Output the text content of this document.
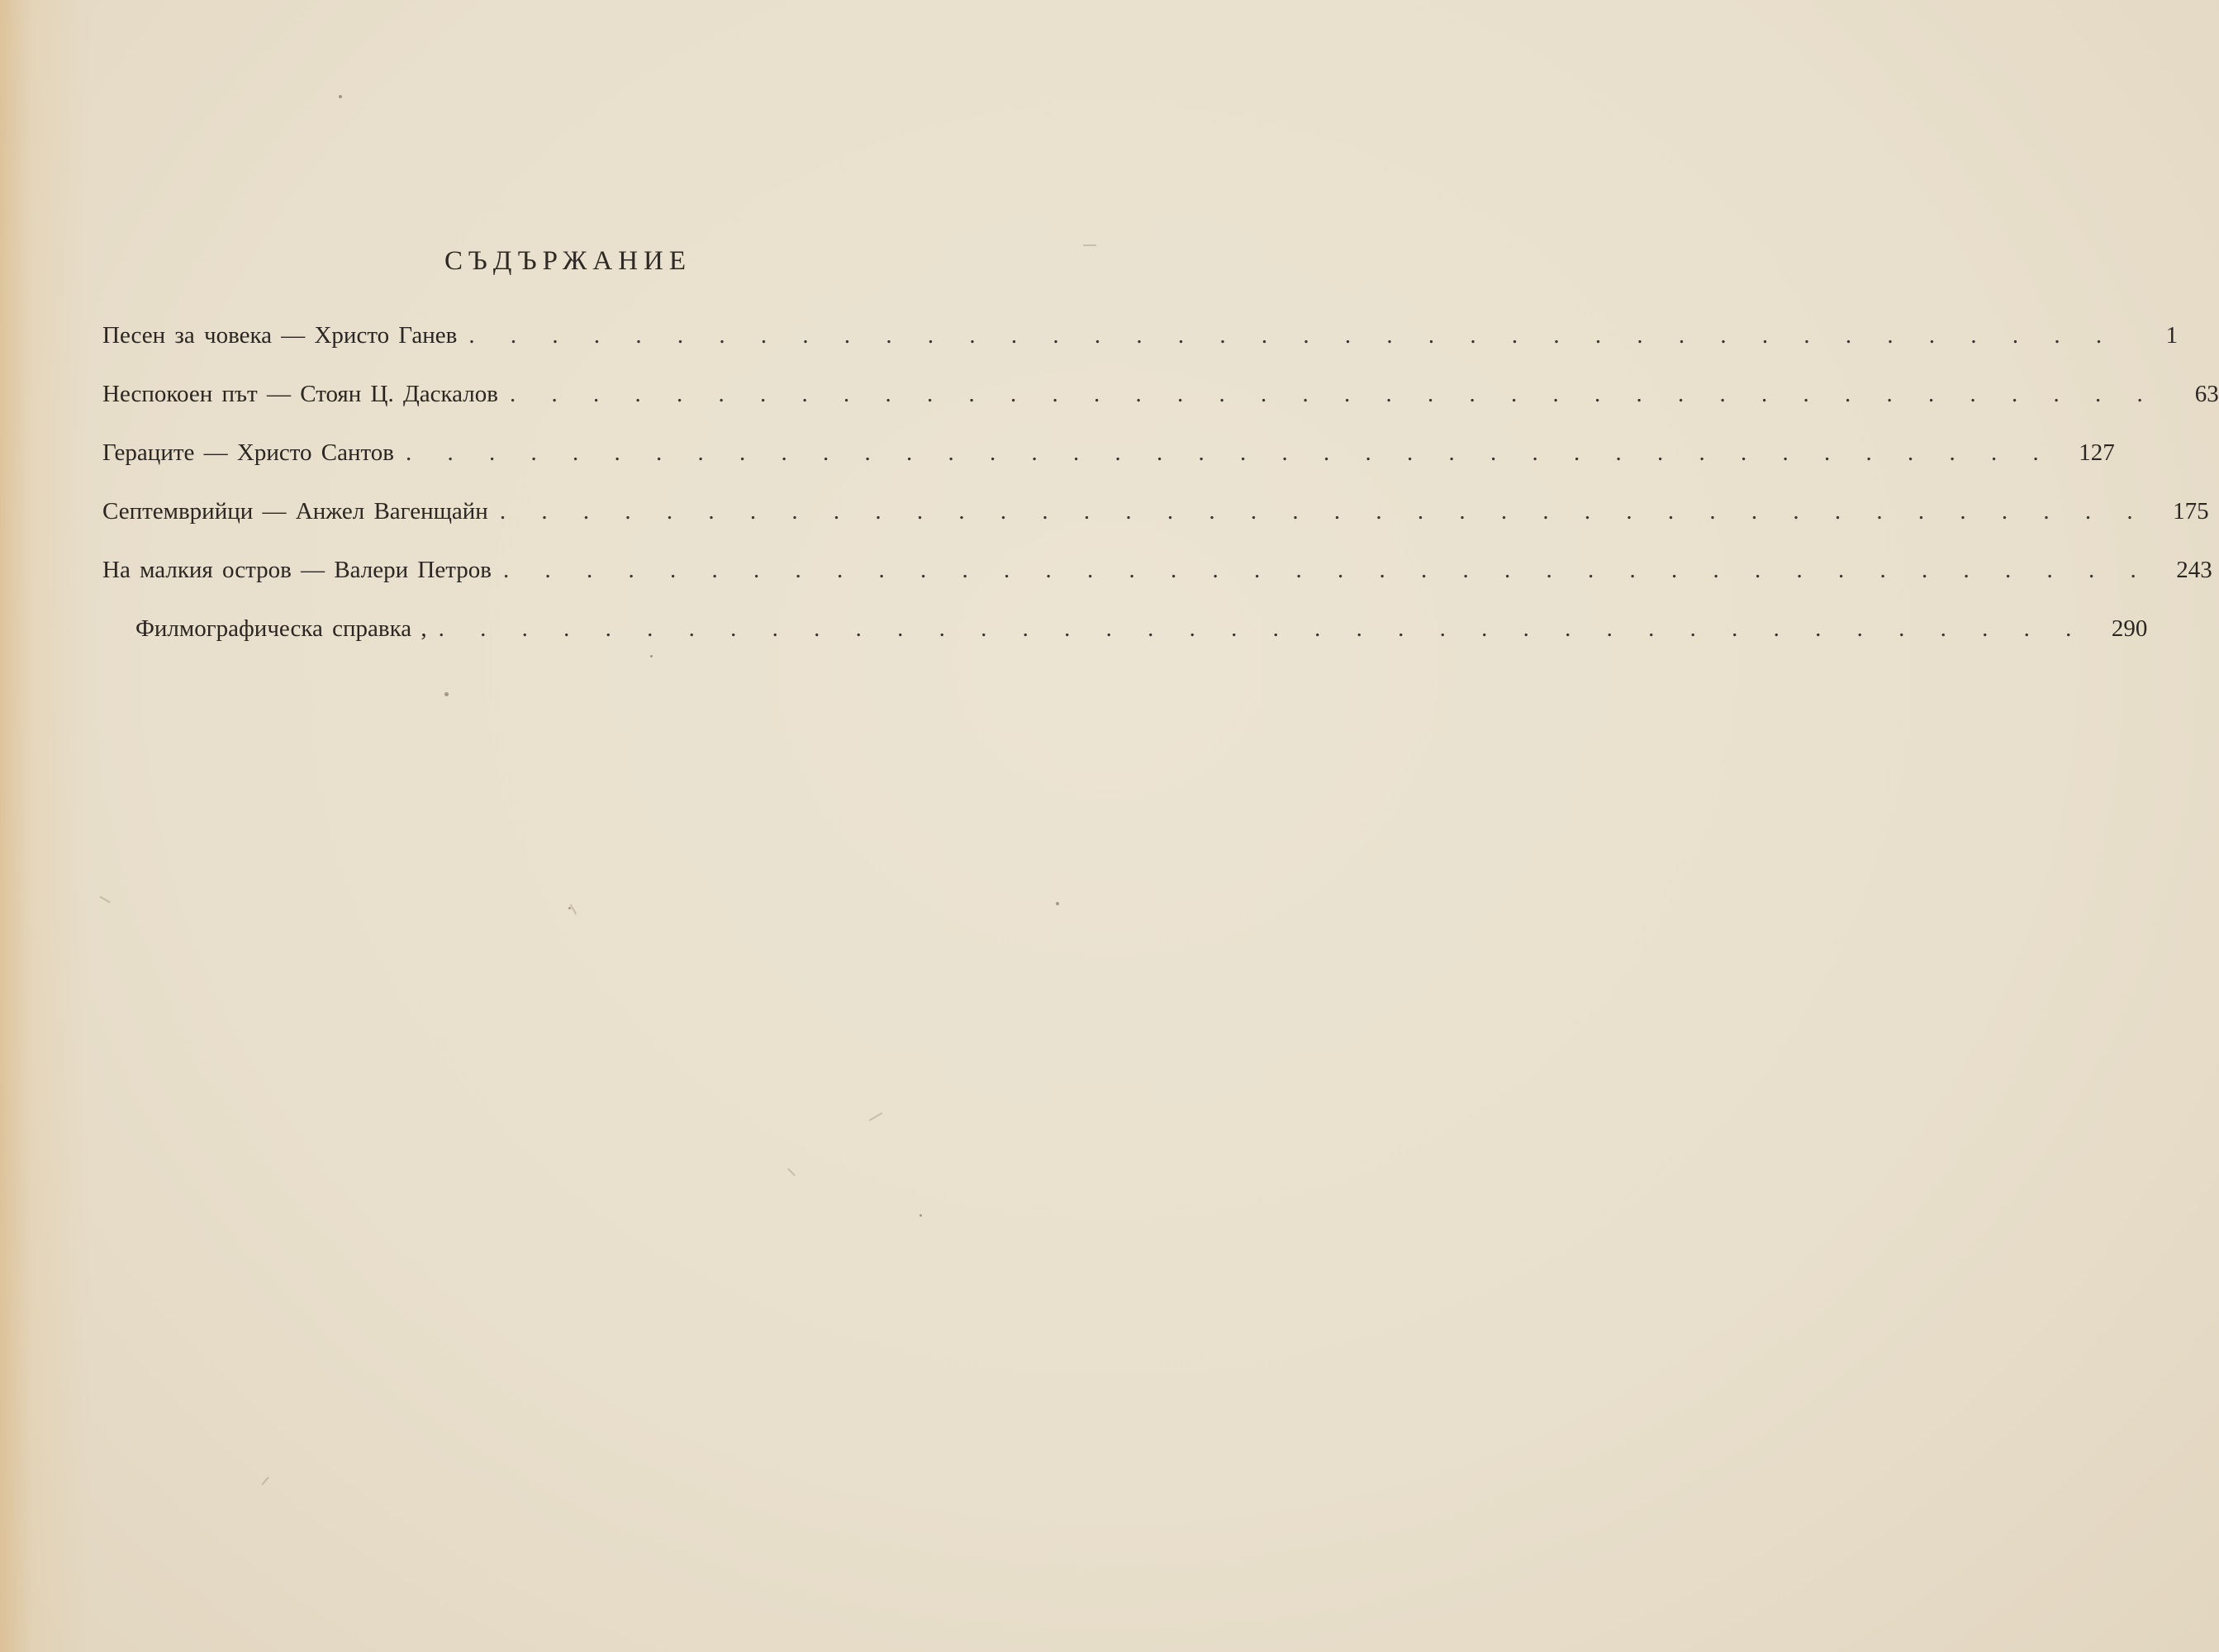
СЪДЪРЖАНИЕ
Песен за човека — Христо Ганев . . . . . . . . . . . . . . . . . . . . . . . . . . . . . . . . . . . . . . . .	1
Неспокоен път — Стоян Ц. Даскалов . . . . . . . . . . . . . . . . . . . . . . . . . . . . . . . . . . . . . . . .	63
Гераците — Христо Сантов . . . . . . . . . . . . . . . . . . . . . . . . . . . . . . . . . . . . . . . .	127
Септемврийци — Анжел Вагенщайн . . . . . . . . . . . . . . . . . . . . . . . . . . . . . . . . . . . . . . . .	175
На малкия остров — Валери Петров . . . . . . . . . . . . . . . . . . . . . . . . . . . . . . . . . . . . . . . .	243
Филмографическа справка , . . . . . . . . . . . . . . . . . . . . . . . . . . . . . . . . . . . . . . . .	290
